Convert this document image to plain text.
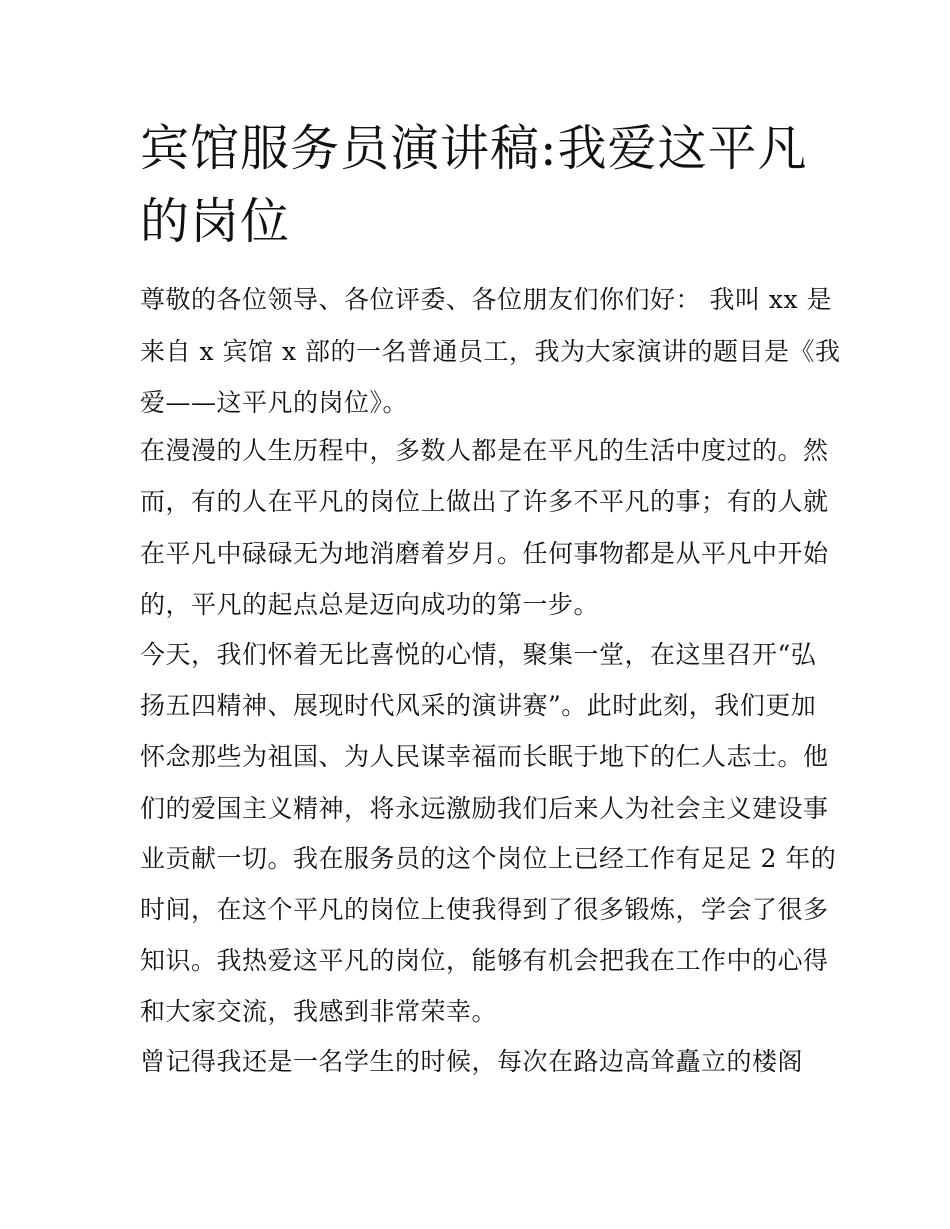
宾馆服务员演讲稿:我爱这平凡
的岗位

尊敬的各位领导、各位评委、各位朋友们你们好： 我叫 xx 是

来自 x 宾馆 x 部的一名普通员工，我为大家演讲的题目是《我

爱——这平凡的岗位》。

在漫漫的人生历程中，多数人都是在平凡的生活中度过的。然

而，有的人在平凡的岗位上做出了许多不平凡的事；有的人就

在平凡中碌碌无为地消磨着岁月。任何事物都是从平凡中开始

的，平凡的起点总是迈向成功的第一步。

今天，我们怀着无比喜悦的心情，聚集一堂，在这里召开“弘

扬五四精神、展现时代风采的演讲赛”。此时此刻，我们更加

怀念那些为祖国、为人民谋幸福而长眠于地下的仁人志士。他

们的爱国主义精神，将永远激励我们后来人为社会主义建设事

业贡献一切。我在服务员的这个岗位上已经工作有足足 2 年的

时间，在这个平凡的岗位上使我得到了很多锻炼，学会了很多

知识。我热爱这平凡的岗位，能够有机会把我在工作中的心得

和大家交流，我感到非常荣幸。

曾记得我还是一名学生的时候，每次在路边高耸矗立的楼阁
